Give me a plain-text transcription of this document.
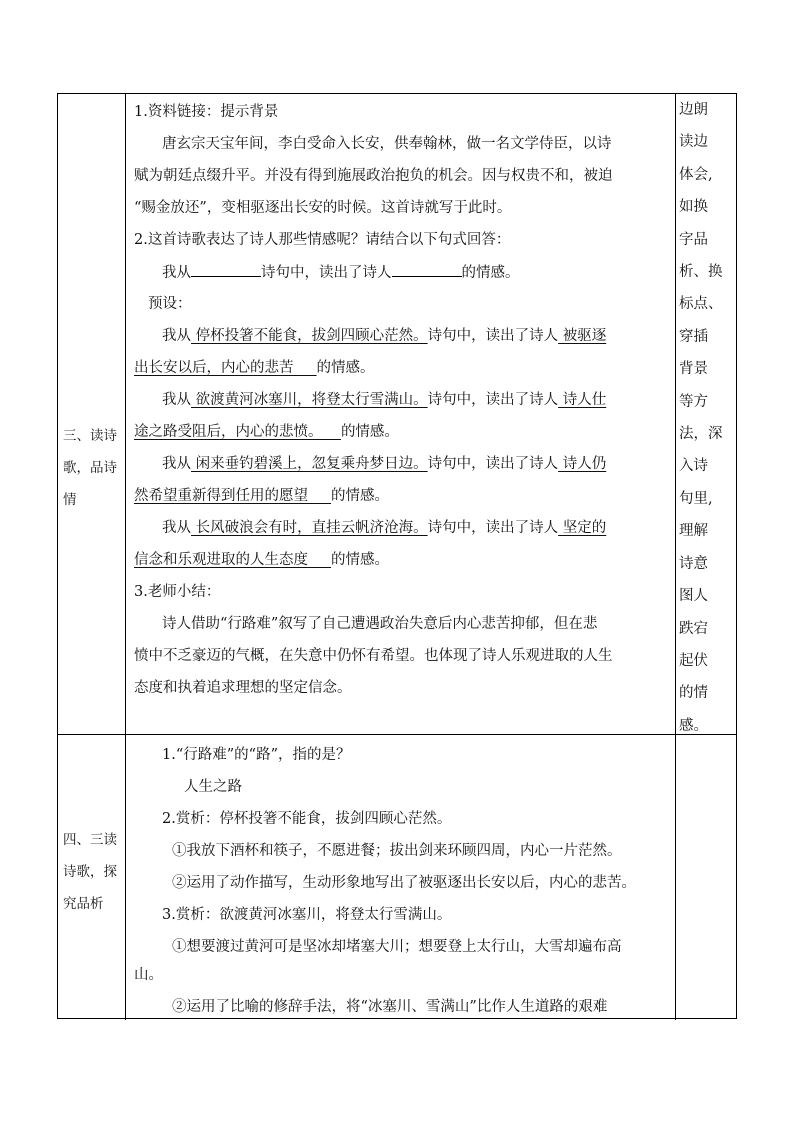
三、读诗
歌，品诗
情
1.资料链接：提示背景
唐玄宗天宝年间，李白受命入长安，供奉翰林，做一名文学侍臣，以诗
赋为朝廷点缀升平。并没有得到施展政治抱负的机会。因与权贵不和，被迫
“赐金放还”，变相驱逐出长安的时候。这首诗就写于此时。
2.这首诗歌表达了诗人那些情感呢？请结合以下句式回答：
我从	诗句中，读出了诗人	的情感。
预设：
我从 停杯投箸不能食，拔剑四顾心茫然。诗句中，读出了诗人 被驱逐
出长安以后，内心的悲苦     的情感。
我从 欲渡黄河冰塞川，将登太行雪满山。诗句中，读出了诗人 诗人仕
途之路受阻后，内心的悲愤。    的情感。
我从 闲来垂钓碧溪上，忽复乘舟梦日边。诗句中，读出了诗人 诗人仍
然希望重新得到任用的愿望     的情感。
我从 长风破浪会有时，直挂云帆济沧海。诗句中，读出了诗人 坚定的
信念和乐观进取的人生态度     的情感。
3.老师小结：
诗人借助“行路难”叙写了自己遭遇政治失意后内心悲苦抑郁，但在悲
愤中不乏豪迈的气概，在失意中仍怀有希望。也体现了诗人乐观进取的人生
态度和执着追求理想的坚定信念。
边朗
读边
体会,
如换
字品
析、换
标点、
穿插
背景
等方
法，深
入诗
句里,
理解
诗意
图人
跌宕
起伏
的情
感。
四、三读
诗歌，探
究品析
1.“行路难”的“路”，指的是？
人生之路
2.赏析：停杯投箸不能食，拔剑四顾心茫然。
①我放下酒杯和筷子，不愿进餐；拔出剑来环顾四周，内心一片茫然。
②运用了动作描写，生动形象地写出了被驱逐出长安以后，内心的悲苦。
3.赏析：欲渡黄河冰塞川，将登太行雪满山。
①想要渡过黄河可是坚冰却堵塞大川；想要登上太行山，大雪却遍布高
山。
②运用了比喻的修辞手法，将“冰塞川、雪满山”比作人生道路的艰难
